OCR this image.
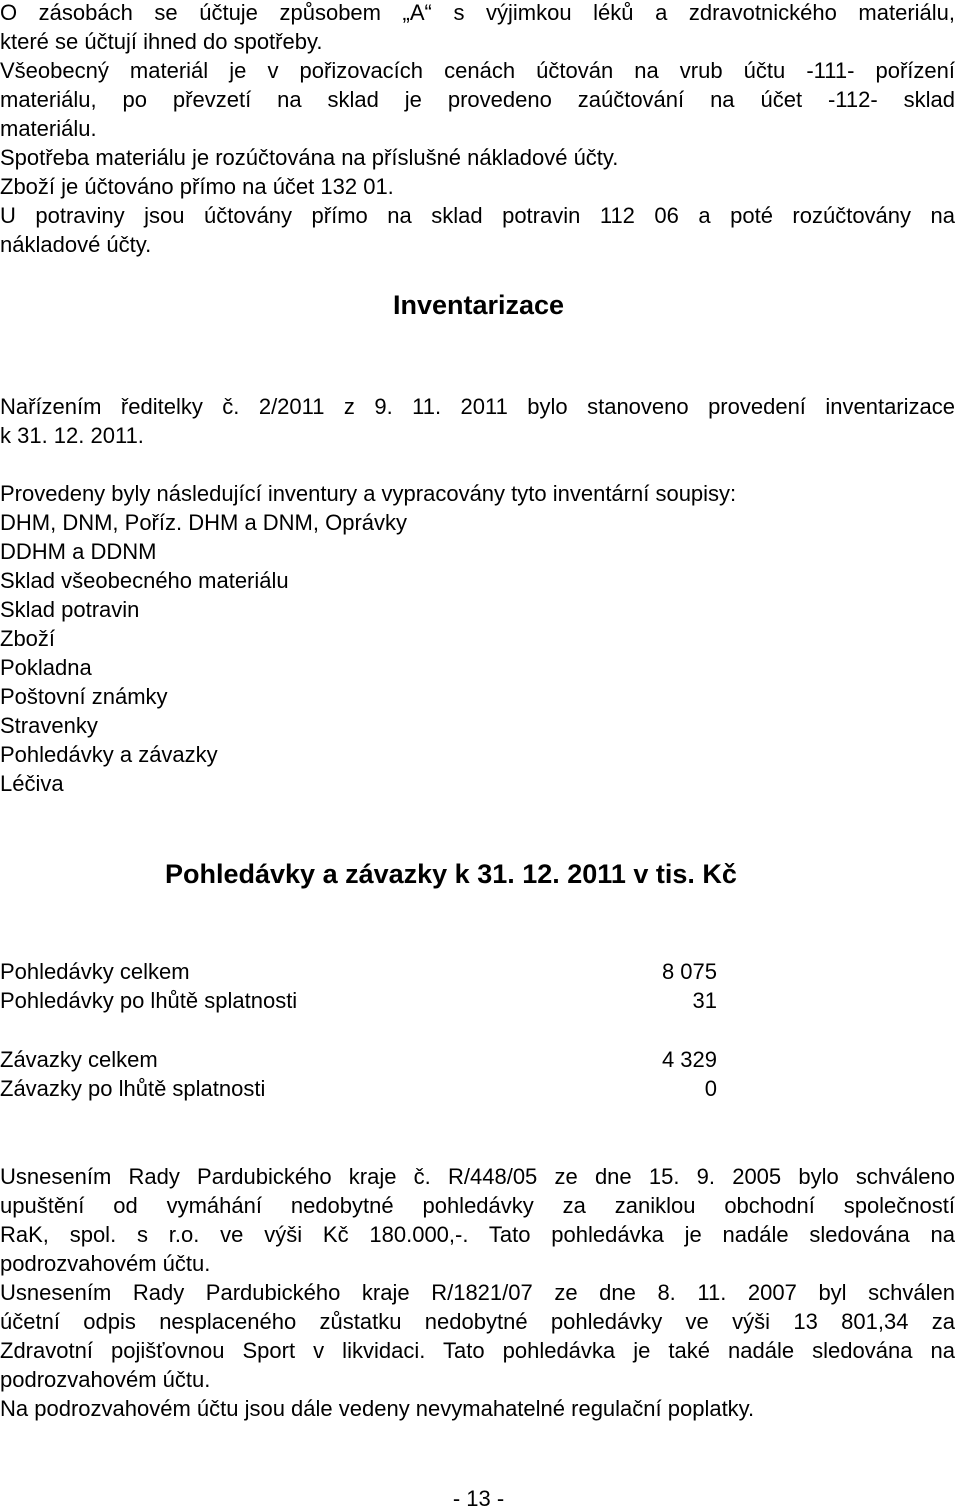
O zásobách se účtuje způsobem „A“ s výjimkou léků a zdravotnického materiálu,
které se účtují ihned do spotřeby.
Všeobecný materiál je v pořizovacích cenách účtován na vrub účtu -111- pořízení
materiálu, po převzetí na sklad je provedeno zaúčtování na účet -112- sklad
materiálu.
Spotřeba materiálu je rozúčtována na příslušné nákladové účty.
Zboží je účtováno přímo na účet 132 01.
U potraviny jsou účtovány přímo na sklad potravin 112 06 a poté rozúčtovány na
nákladové účty.
Inventarizace
Nařízením ředitelky č. 2/2011 z 9. 11. 2011 bylo stanoveno provedení inventarizace
k 31. 12. 2011.
Provedeny byly následující inventury a vypracovány tyto inventární soupisy:
DHM, DNM, Poříz. DHM a DNM, Oprávky
DDHM a DDNM
Sklad všeobecného materiálu
Sklad potravin
Zboží
Pokladna
Poštovní známky
Stravenky
Pohledávky a závazky
Léčiva
Pohledávky a závazky k 31. 12. 2011 v tis. Kč
Pohledávky celkem	8 075
Pohledávky po lhůtě splatnosti	31
Závazky celkem	4 329
Závazky po lhůtě splatnosti	0
Usnesením Rady Pardubického kraje č. R/448/05 ze dne 15. 9. 2005 bylo schváleno
upuštění od vymáhání nedobytné pohledávky za zaniklou obchodní společností
RaK, spol. s r.o. ve výši Kč 180.000,-. Tato pohledávka je nadále sledována na
podrozvahovém účtu.
Usnesením Rady Pardubického kraje R/1821/07 ze dne 8. 11. 2007 byl schválen
účetní odpis nesplaceného zůstatku nedobytné pohledávky ve výši 13 801,34 za
Zdravotní pojišťovnou Sport v likvidaci. Tato pohledávka je také nadále sledována na
podrozvahovém účtu.
Na podrozvahovém účtu jsou dále vedeny nevymahatelné regulační poplatky.
- 13 -
